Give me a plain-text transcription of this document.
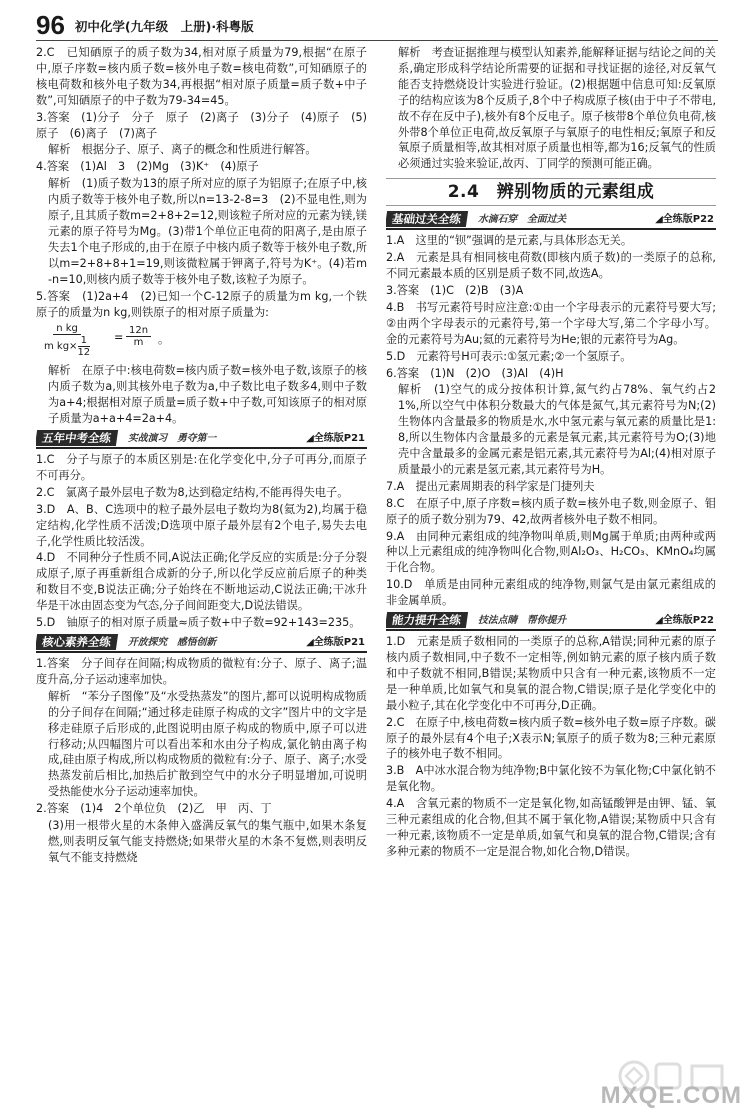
96 初中化学(九年级　上册)·科粤版

2.C　已知硒原子的质子数为34,相对原子质量为79,根据“在原子中,原子序数=核内质子数=核外电子数=核电荷数”,可知硒原子的核电荷数和核外电子数为34,再根据“相对原子质量=质子数+中子数”,可知硒原子的中子数为79-34=45。

3.答案　(1)分子　分子　原子　(2)离子　(3)分子　(4)原子　(5)原子　(6)离子　(7)离子

解析　根据分子、原子、离子的概念和性质进行解答。

4.答案　(1)Al　3　(2)Mg　(3)K⁺　(4)原子

解析　(1)质子数为13的原子所对应的原子为铝原子;在原子中,核内质子数等于核外电子数,所以n=13-2-8=3　(2)不显电性,则为原子,且其质子数m=2+8+2=12,则该粒子所对应的元素为镁,镁元素的原子符号为Mg。(3)带1个单位正电荷的阳离子,是由原子失去1个电子形成的,由于在原子中核内质子数等于核外电子数,所以m=2+8+8+1=19,则该微粒属于钾离子,符号为K⁺。(4)若m-n=10,则核内质子数等于核外电子数,该粒子为原子。

5.答案　(1)2a+4　(2)已知一个C-12原子的质量为m kg,一个铁原子的质量为n kg,则铁原子的相对原子质量为:

$\frac{\text{n kg}}{m kg\times \frac{1}{12}} = \frac{12n}{m}$ 。

解析　在原子中:核电荷数=核内质子数=核外电子数,该原子的核内质子数为a,则其核外电子数为a,中子数比电子数多4,则中子数为a+4;根据相对原子质量=质子数+中子数,可知该原子的相对原子质量为a+a+4=2a+4。

五年中考全练	实战演习　勇夺第一	◢全练版P21

1.C　分子与原子的本质区别是:在化学变化中,分子可再分,而原子不可再分。

2.C　氯离子最外层电子数为8,达到稳定结构,不能再得失电子。

3.D　A、B、C选项中的粒子最外层电子数均为8(氦为2),均属于稳定结构,化学性质不活泼;D选项中原子最外层有2个电子,易失去电子,化学性质比较活泼。

4.D　不同种分子性质不同,A说法正确;化学反应的实质是:分子分裂成原子,原子再重新组合成新的分子,所以化学反应前后原子的种类和数目不变,B说法正确;分子始终在不断地运动,C说法正确;干冰升华是干冰由固态变为气态,分子间间距变大,D说法错误。

5.D　铀原子的相对原子质量≈质子数+中子数=92+143=235。

核心素养全练	开放探究　感悟创新	◢全练版P21

1.答案　分子间存在间隔;构成物质的微粒有:分子、原子、离子;温度升高,分子运动速率加快。

解析　“苯分子图像”及“水受热蒸发”的图片,都可以说明构成物质的分子间存在间隔;“通过移走硅原子构成的文字”图片中的文字是移走硅原子后形成的,此图说明由原子构成的物质中,原子可以进行移动;从四幅图片可以看出苯和水由分子构成,氯化钠由离子构成,硅由原子构成,所以构成物质的微粒有:分子、原子、离子;水受热蒸发前后相比,加热后扩散到空气中的水分子明显增加,可说明受热能使水分子运动速率加快。

2.答案　(1)4　2个单位负　(2)乙　甲　丙、丁

(3)用一根带火星的木条伸入盛满反氧气的集气瓶中,如果木条复燃,则表明反氧气能支持燃烧;如果带火星的木条不复燃,则表明反氧气不能支持燃烧

解析　考查证据推理与模型认知素养,能解释证据与结论之间的关系,确定形成科学结论所需要的证据和寻找证据的途径,对反氧气能否支持燃烧设计实验进行验证。(2)根据题中信息可知:反氧原子的结构应该为8个反质子,8个中子构成原子核(由于中子不带电,故不存在反中子),核外有8个反电子。原子核带8个单位负电荷,核外带8个单位正电荷,故反氧原子与氧原子的电性相反;氧原子和反氧原子质量相等,故其相对原子质量也相等,都为16;反氧气的性质必须通过实验来验证,故丙、丁同学的预测可能正确。

2.4　辨别物质的元素组成
基础过关全练	水滴石穿　全面过关	◢全练版P22

1.A　这里的“钡”强调的是元素,与具体形态无关。

2.A　元素是具有相同核电荷数(即核内质子数)的一类原子的总称,不同元素最本质的区别是质子数不同,故选A。

3.答案　(1)C　(2)B　(3)A

4.B　书写元素符号时应注意:①由一个字母表示的元素符号要大写;②由两个字母表示的元素符号,第一个字母大写,第二个字母小写。金的元素符号为Au;氦的元素符号为He;银的元素符号为Ag。

5.D　元素符号H可表示:①氢元素;②一个氢原子。

6.答案　(1)N　(2)O　(3)Al　(4)H

解析　(1)空气的成分按体积计算,氮气约占78%、氧气约占21%,所以空气中体积分数最大的气体是氮气,其元素符号为N;(2)生物体内含量最多的物质是水,水中氢元素与氧元素的质量比是1:8,所以生物体内含量最多的元素是氧元素,其元素符号为O;(3)地壳中含量最多的金属元素是铝元素,其元素符号为Al;(4)相对原子质量最小的元素是氢元素,其元素符号为H。

7.A　提出元素周期表的科学家是门捷列夫

8.C　在原子中,原子序数=核内质子数=核外电子数,则金原子、钼原子的质子数分别为79、42,故两者核外电子数不相同。

9.A　由同种元素组成的纯净物叫单质,则Mg属于单质;由两种或两种以上元素组成的纯净物叫化合物,则Al₂O₃、H₂CO₃、KMnO₄均属于化合物。

10.D　单质是由同种元素组成的纯净物,则氯气是由氯元素组成的非金属单质。

能力提升全练	技法点睛　帮你提升	◢全练版P22

1.D　元素是质子数相同的一类原子的总称,A错误;同种元素的原子核内质子数相同,中子数不一定相等,例如钠元素的原子核内质子数和中子数就不相同,B错误;某物质中只含有一种元素,该物质不一定是一种单质,比如氧气和臭氧的混合物,C错误;原子是化学变化中的最小粒子,其在化学变化中不可再分,D正确。

2.C　在原子中,核电荷数=核内质子数=核外电子数=原子序数。碳原子的最外层有4个电子;X表示N;氧原子的质子数为8;三种元素原子的核外电子数不相同。

3.B　A中冰水混合物为纯净物;B中氯化铵不为氧化物;C中氯化钠不是氧化物。

4.A　含氧元素的物质不一定是氧化物,如高锰酸钾是由钾、锰、氧三种元素组成的化合物,但其不属于氧化物,A错误;某物质中只含有一种元素,该物质不一定是单质,如氧气和臭氧的混合物,C错误;含有多种元素的物质不一定是混合物,如化合物,D错误。

MXQE.COM
